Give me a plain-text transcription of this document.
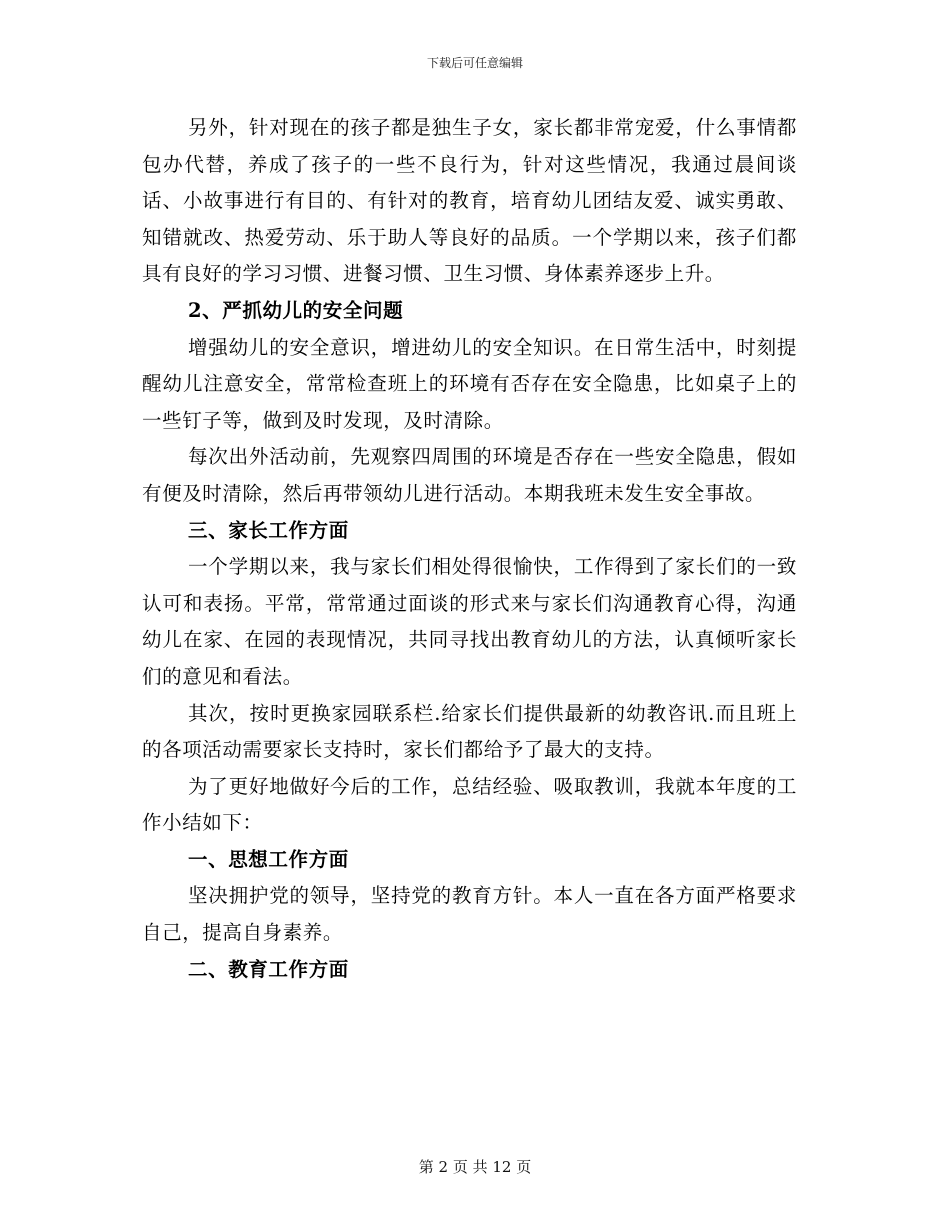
下载后可任意编辑

另外，针对现在的孩子都是独生子女，家长都非常宠爱，什么事情都包办代替，养成了孩子的一些不良行为，针对这些情况，我通过晨间谈话、小故事进行有目的、有针对的教育，培育幼儿团结友爱、诚实勇敢、知错就改、热爱劳动、乐于助人等良好的品质。一个学期以来，孩子们都具有良好的学习习惯、进餐习惯、卫生习惯、身体素养逐步上升。

2、严抓幼儿的安全问题

增强幼儿的安全意识，增进幼儿的安全知识。在日常生活中，时刻提醒幼儿注意安全，常常检查班上的环境有否存在安全隐患，比如桌子上的一些钉子等，做到及时发现，及时清除。

每次出外活动前，先观察四周围的环境是否存在一些安全隐患，假如有便及时清除，然后再带领幼儿进行活动。本期我班未发生安全事故。

三、家长工作方面

一个学期以来，我与家长们相处得很愉快，工作得到了家长们的一致认可和表扬。平常，常常通过面谈的形式来与家长们沟通教育心得，沟通幼儿在家、在园的表现情况，共同寻找出教育幼儿的方法，认真倾听家长们的意见和看法。

其次，按时更换家园联系栏.给家长们提供最新的幼教咨讯.而且班上的各项活动需要家长支持时，家长们都给予了最大的支持。

为了更好地做好今后的工作，总结经验、吸取教训，我就本年度的工作小结如下：

一、思想工作方面

坚决拥护党的领导，坚持党的教育方针。本人一直在各方面严格要求自己，提高自身素养。

二、教育工作方面

第 2 页 共 12 页
